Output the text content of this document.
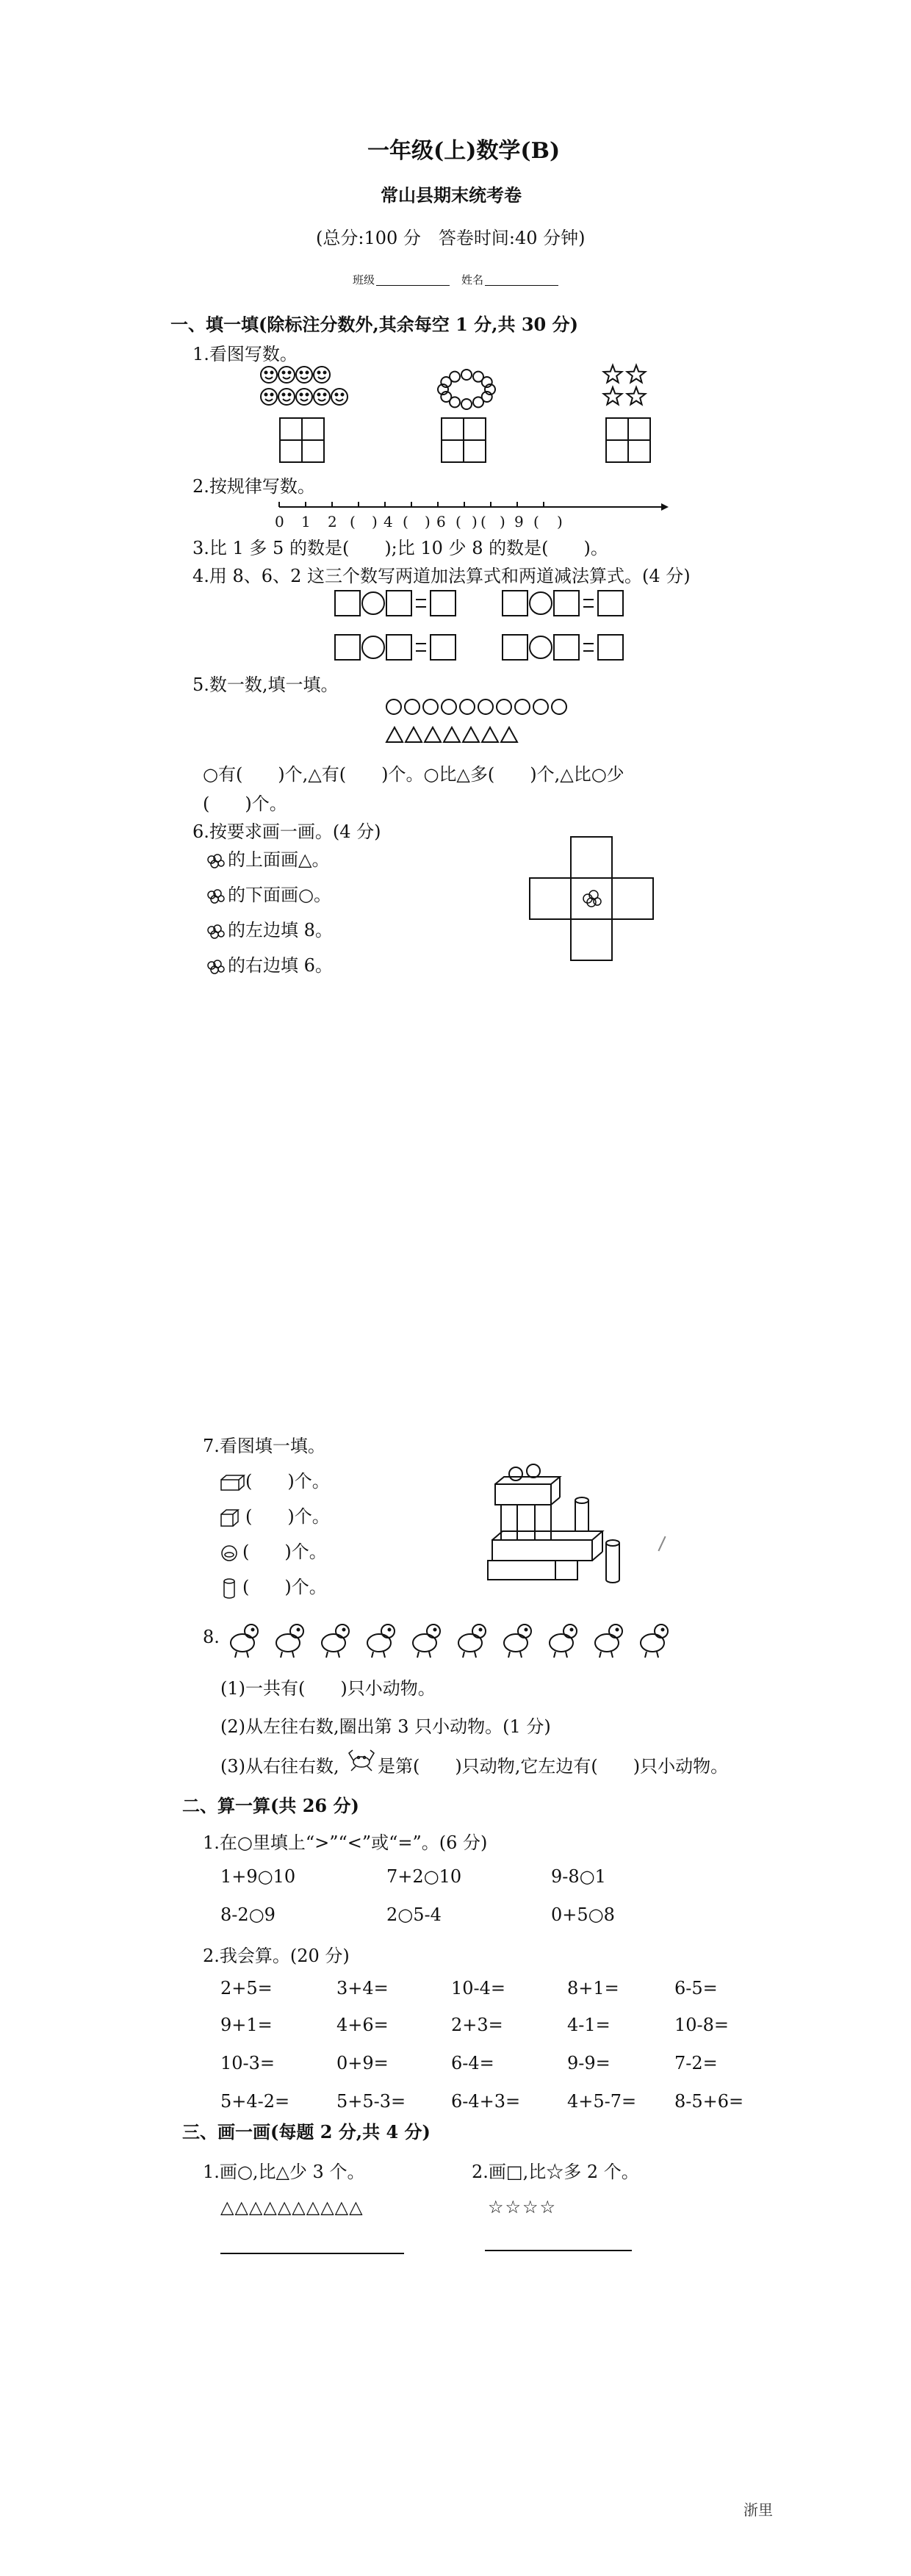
一年级(上)数学(B)
常山县期末统考卷
(总分:100 分　答卷时间:40 分钟)
班级	姓名
一、填一填(除标注分数外,其余每空 1 分,共 30 分)
1.看图写数。
2.按规律写数。
0 1 2 ( ) 4 ( ) 6 ( ) ( ) 9 ( )
3.比 1 多 5 的数是(　　);比 10 少 8 的数是(　　)。
4.用 8、6、2 这三个数写两道加法算式和两道减法算式。(4 分)
5.数一数,填一填。
○有(　　)个,△有(　　)个。○比△多(　　)个,△比○少
(　　)个。
6.按要求画一画。(4 分)
的上面画△。
的下面画○。
的左边填 8。
的右边填 6。
7.看图填一填。
(　　)个。
(　　)个。
(　　)个。
(　　)个。
8.
(1)一共有(　　)只小动物。
(2)从左往右数,圈出第 3 只小动物。(1 分)
(3)从右往右数, 是第(　　)只动物,它左边有(　　)只小动物。
二、算一算(共 26 分)
1.在○里填上“>”“<”或“=”。(6 分)
1+9○10	7+2○10	9-8○1
8-2○9	2○5-4	0+5○8
2.我会算。(20 分)
2+5=	3+4=	10-4=	8+1=	6-5=
9+1=	4+6=	2+3=	4-1=	10-8=
10-3=	0+9=	6-4=	9-9=	7-2=
5+4-2=	5+5-3=	6-4+3=	4+5-7= 8-5+6=
三、画一画(每题 2 分,共 4 分)
1.画○,比△少 3 个。
△△△△△△△△△△
2.画□,比☆多 2 个。
☆☆☆☆
浙里
